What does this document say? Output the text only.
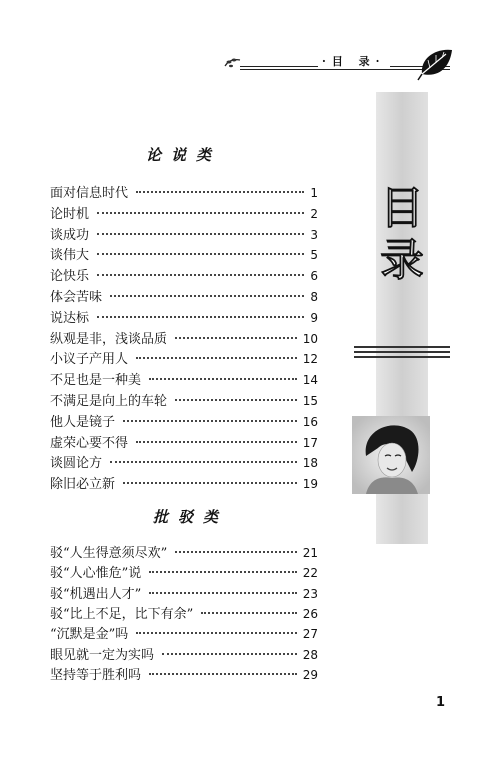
·目 录·
目
录
论说类
面对信息时代	1
论时机	2
谈成功	3
谈伟大	5
论快乐	6
体会苦味	8
说达标	9
纵观是非，浅谈品质	10
小议子产用人	12
不足也是一种美	14
不满足是向上的车轮	15
他人是镜子	16
虚荣心要不得	17
谈圆论方	18
除旧必立新	19
批驳类
驳“人生得意须尽欢”	21
驳“人心惟危”说	22
驳“机遇出人才”	23
驳“比上不足，比下有余”	26
“沉默是金”吗	27
眼见就一定为实吗	28
坚持等于胜利吗	29
1
